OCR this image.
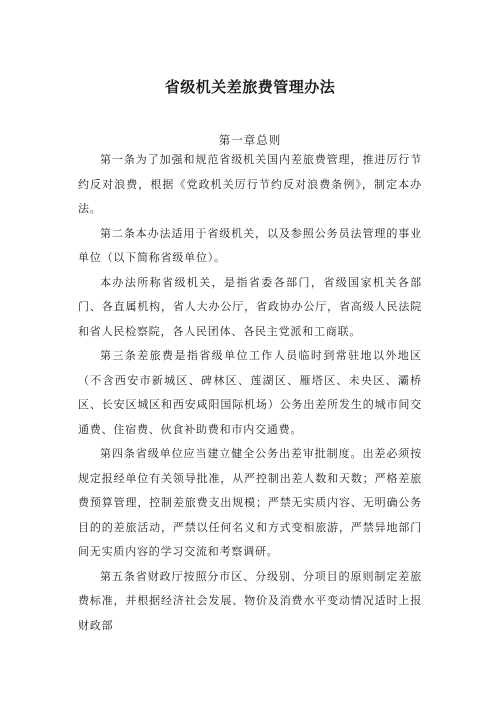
省级机关差旅费管理办法
第一章总则

第一条为了加强和规范省级机关国内差旅费管理，推进厉行节约反对浪费，根据《党政机关厉行节约反对浪费条例》，制定本办法。

第二条本办法适用于省级机关，以及参照公务员法管理的事业单位（以下简称省级单位）。

本办法所称省级机关，是指省委各部门，省级国家机关各部门、各直属机构，省人大办公厅，省政协办公厅，省高级人民法院和省人民检察院，各人民团体、各民主党派和工商联。

第三条差旅费是指省级单位工作人员临时到常驻地以外地区（不含西安市新城区、碑林区、莲湖区、雁塔区、未央区、灞桥区、长安区城区和西安咸阳国际机场）公务出差所发生的城市间交通费、住宿费、伙食补助费和市内交通费。

第四条省级单位应当建立健全公务出差审批制度。出差必须按规定报经单位有关领导批准，从严控制出差人数和天数；严格差旅费预算管理，控制差旅费支出规模；严禁无实质内容、无明确公务目的的差旅活动，严禁以任何名义和方式变相旅游，严禁异地部门间无实质内容的学习交流和考察调研。

第五条省财政厅按照分市区、分级别、分项目的原则制定差旅费标准，并根据经济社会发展、物价及消费水平变动情况适时上报财政部
